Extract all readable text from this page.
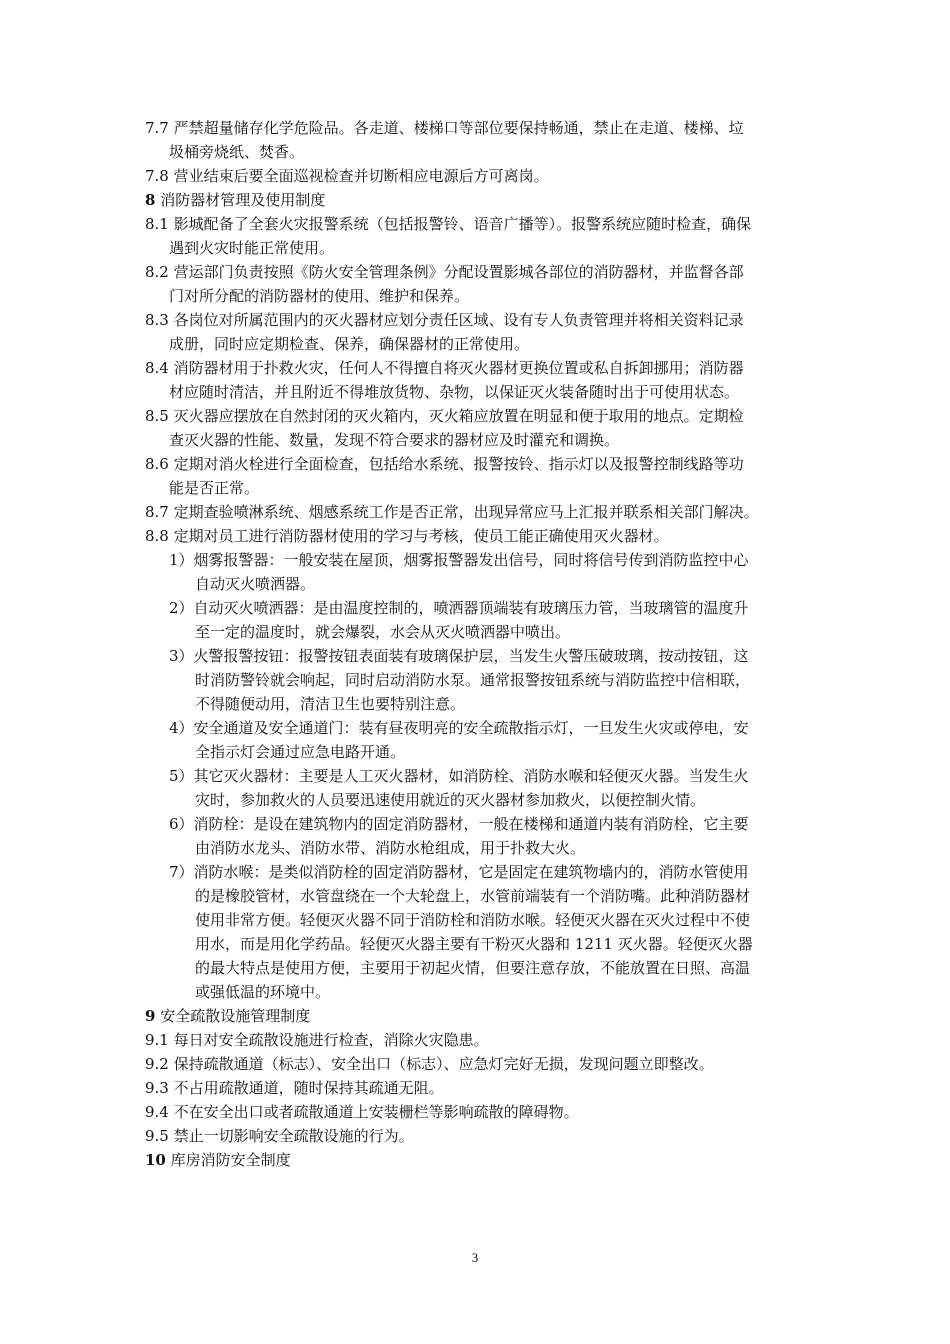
7.7 严禁超量储存化学危险品。各走道、楼梯口等部位要保持畅通，禁止在走道、楼梯、垃
圾桶旁烧纸、焚香。
7.8 营业结束后要全面巡视检查并切断相应电源后方可离岗。
8 消防器材管理及使用制度
8.1 影城配备了全套火灾报警系统（包括报警铃、语音广播等）。报警系统应随时检查，确保
遇到火灾时能正常使用。
8.2 营运部门负责按照《防火安全管理条例》分配设置影城各部位的消防器材，并监督各部
门对所分配的消防器材的使用、维护和保养。
8.3 各岗位对所属范围内的灭火器材应划分责任区域、设有专人负责管理并将相关资料记录
成册，同时应定期检查、保养，确保器材的正常使用。
8.4 消防器材用于扑救火灾，任何人不得擅自将灭火器材更换位置或私自拆卸挪用；消防器
材应随时清洁，并且附近不得堆放货物、杂物，以保证灭火装备随时出于可使用状态。
8.5 灭火器应摆放在自然封闭的灭火箱内，灭火箱应放置在明显和便于取用的地点。定期检
查灭火器的性能、数量，发现不符合要求的器材应及时灌充和调换。
8.6 定期对消火栓进行全面检查，包括给水系统、报警按铃、指示灯以及报警控制线路等功
能是否正常。
8.7 定期查验喷淋系统、烟感系统工作是否正常，出现异常应马上汇报并联系相关部门解决。
8.8 定期对员工进行消防器材使用的学习与考核，使员工能正确使用灭火器材。
1）烟雾报警器：一般安装在屋顶，烟雾报警器发出信号，同时将信号传到消防监控中心
自动灭火喷洒器。
2）自动灭火喷洒器：是由温度控制的，喷洒器顶端装有玻璃压力管，当玻璃管的温度升
至一定的温度时，就会爆裂，水会从灭火喷洒器中喷出。
3）火警报警按钮：报警按钮表面装有玻璃保护层，当发生火警压破玻璃，按动按钮，这
时消防警铃就会响起，同时启动消防水泵。通常报警按钮系统与消防监控中信相联，
不得随便动用，清洁卫生也要特别注意。
4）安全通道及安全通道门：装有昼夜明亮的安全疏散指示灯，一旦发生火灾或停电，安
全指示灯会通过应急电路开通。
5）其它灭火器材：主要是人工灭火器材，如消防栓、消防水喉和轻便灭火器。当发生火
灾时，参加救火的人员要迅速使用就近的灭火器材参加救火，以便控制火情。
6）消防栓：是设在建筑物内的固定消防器材，一般在楼梯和通道内装有消防栓，它主要
由消防水龙头、消防水带、消防水枪组成，用于扑救大火。
7）消防水喉：是类似消防栓的固定消防器材，它是固定在建筑物墙内的，消防水管使用
的是橡胶管材，水管盘绕在一个大轮盘上，水管前端装有一个消防嘴。此种消防器材
使用非常方便。轻便灭火器不同于消防栓和消防水喉。轻便灭火器在灭火过程中不使
用水，而是用化学药品。轻便灭火器主要有干粉灭火器和 1211 灭火器。轻便灭火器
的最大特点是使用方便，主要用于初起火情，但要注意存放，不能放置在日照、高温
或强低温的环境中。
9 安全疏散设施管理制度
9.1 每日对安全疏散设施进行检查，消除火灾隐患。
9.2 保持疏散通道（标志）、安全出口（标志）、应急灯完好无损，发现问题立即整改。
9.3 不占用疏散通道，随时保持其疏通无阻。
9.4 不在安全出口或者疏散通道上安装栅栏等影响疏散的障碍物。
9.5 禁止一切影响安全疏散设施的行为。
10 库房消防安全制度
3
